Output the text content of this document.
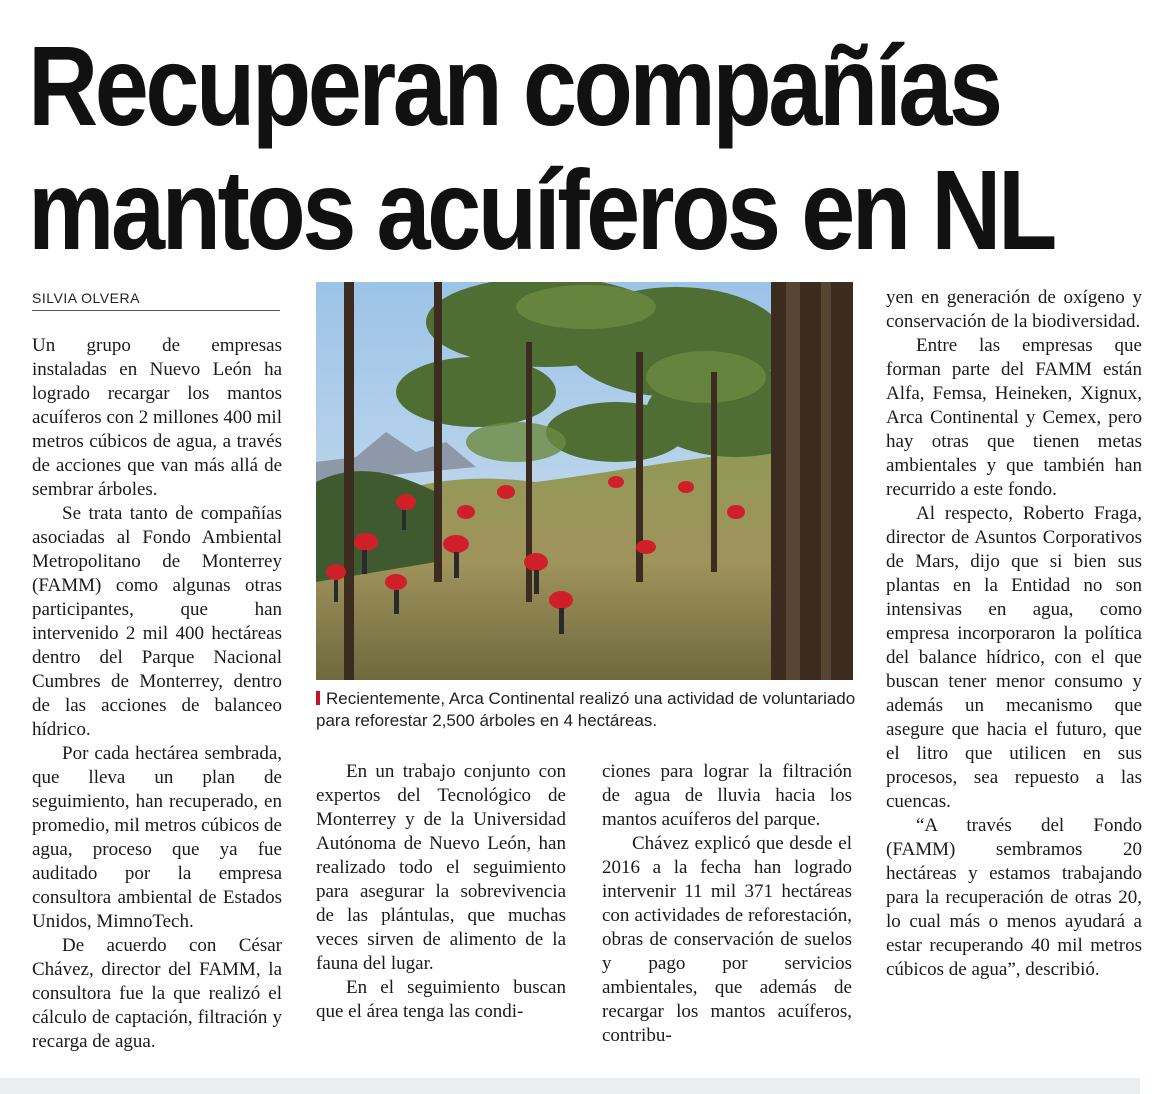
Recuperan compañías
mantos acuíferos en NL
SILVIA OLVERA

Un grupo de empresas instaladas en Nuevo León ha logrado recargar los mantos acuíferos con 2 millones 400 mil metros cúbicos de agua, a través de acciones que van más allá de sembrar árboles.

Se trata tanto de compañías asociadas al Fondo Ambiental Metropolitano de Monterrey (FAMM) como algunas otras participantes, que han intervenido 2 mil 400 hectáreas dentro del Parque Nacional Cumbres de Monterrey, dentro de las acciones de balanceo hídrico.

Por cada hectárea sembrada, que lleva un plan de seguimiento, han recuperado, en promedio, mil metros cúbicos de agua, proceso que ya fue auditado por la empresa consultora ambiental de Estados Unidos, MimnoTech.

De acuerdo con César Chávez, director del FAMM, la consultora fue la que realizó el cálculo de captación, filtración y recarga de agua.

Recientemente, Arca Continental realizó una actividad de voluntariado para reforestar 2,500 árboles en 4 hectáreas.

En un trabajo conjunto con expertos del Tecnológico de Monterrey y de la Universidad Autónoma de Nuevo León, han realizado todo el seguimiento para asegurar la sobrevivencia de las plántulas, que muchas veces sirven de alimento de la fauna del lugar.

En el seguimiento buscan que el área tenga las condi-

ciones para lograr la filtración de agua de lluvia hacia los mantos acuíferos del parque.

Chávez explicó que desde el 2016 a la fecha han logrado intervenir 11 mil 371 hectáreas con actividades de reforestación, obras de conservación de suelos y pago por servicios ambientales, que además de recargar los mantos acuíferos, contribu-

yen en generación de oxígeno y conservación de la biodiversidad.

Entre las empresas que forman parte del FAMM están Alfa, Femsa, Heineken, Xignux, Arca Continental y Cemex, pero hay otras que tienen metas ambientales y que también han recurrido a este fondo.

Al respecto, Roberto Fraga, director de Asuntos Corporativos de Mars, dijo que si bien sus plantas en la Entidad no son intensivas en agua, como empresa incorporaron la política del balance hídrico, con el que buscan tener menor consumo y además un mecanismo que asegure que hacia el futuro, que el litro que utilicen en sus procesos, sea repuesto a las cuencas.

“A través del Fondo (FAMM) sembramos 20 hectáreas y estamos trabajando para la recuperación de otras 20, lo cual más o menos ayudará a estar recuperando 40 mil metros cúbicos de agua”, describió.
